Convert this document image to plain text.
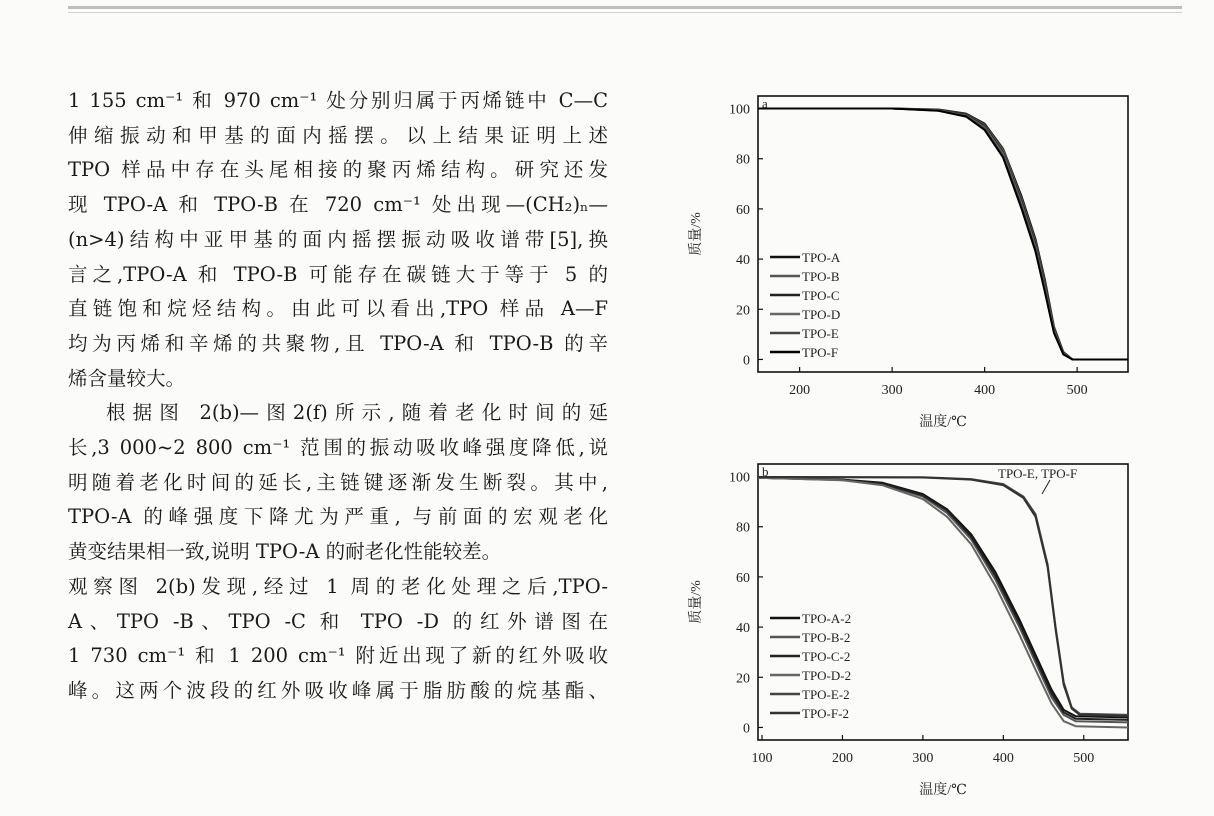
1 155 cm⁻¹ 和 970 cm⁻¹ 处分别归属于丙烯链中 C—C
伸缩振动和甲基的面内摇摆。以上结果证明上述
TPO 样品中存在头尾相接的聚丙烯结构。研究还发
现 TPO-A 和 TPO-B 在 720 cm⁻¹ 处出现—(CH₂)ₙ—
(n>4)结构中亚甲基的面内摇摆振动吸收谱带[5],换
言之,TPO-A 和 TPO-B 可能存在碳链大于等于 5 的
直链饱和烷烃结构。由此可以看出,TPO 样品 A—F
均为丙烯和辛烯的共聚物,且 TPO-A 和 TPO-B 的辛
烯含量较大。

根据图 2(b)—图2(f)所示,随着老化时间的延
长,3 000~2 800 cm⁻¹ 范围的振动吸收峰强度降低,说
明随着老化时间的延长,主链键逐渐发生断裂。其中,
TPO-A 的峰强度下降尤为严重, 与前面的宏观老化
黄变结果相一致,说明 TPO-A 的耐老化性能较差。

观察图 2(b)发现,经过 1 周的老化处理之后,TPO-
A、TPO -B、TPO -C 和 TPO -D 的红外谱图在
1 730 cm⁻¹ 和 1 200 cm⁻¹ 附近出现了新的红外吸收
峰。这两个波段的红外吸收峰属于脂肪酸的烷基酯、

a
0
20
40
60
80
100
200	300	400	500
温度/℃
质量/%
TPO-A
TPO-B
TPO-C
TPO-D
TPO-E
TPO-F
b
0
20
40
60
80
100
100	200	300	400	500
温度/℃
质量/%	TPO-A-2
TPO-B-2
TPO-C-2
TPO-D-2
TPO-E-2
TPO-F-2
TPO-E, TPO-F
